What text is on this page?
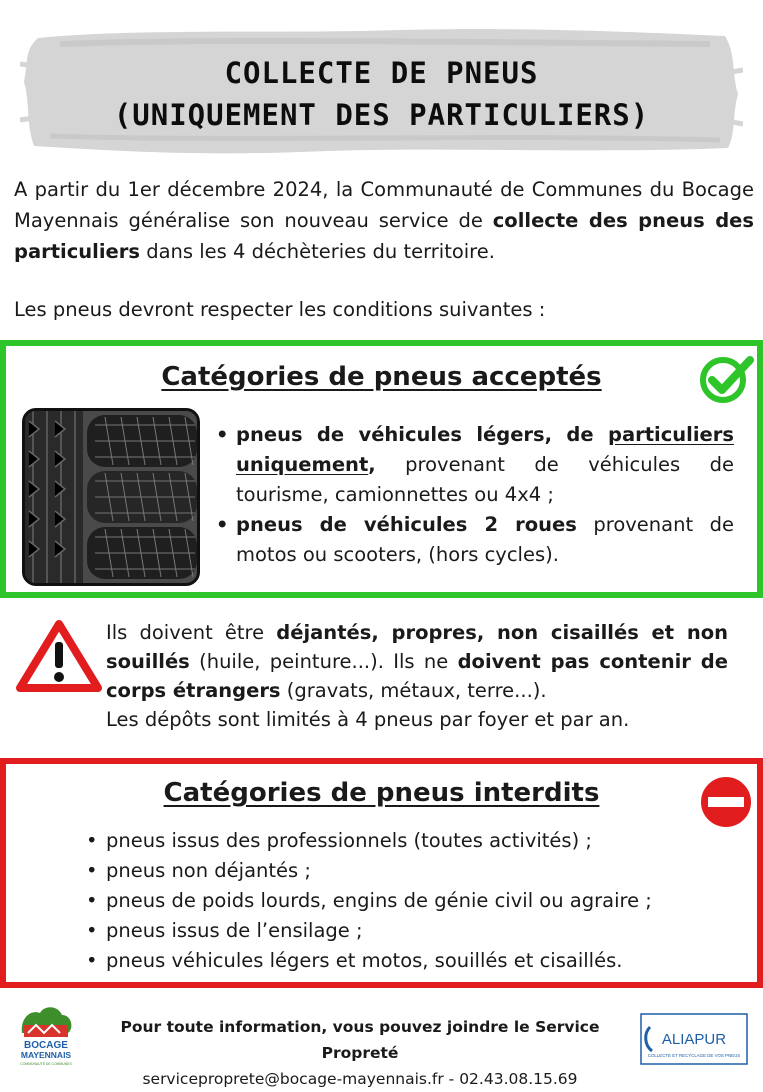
COLLECTE DE PNEUS
(UNIQUEMENT DES PARTICULIERS)
A partir du 1er décembre 2024, la Communauté de Communes du Bocage Mayennais généralise son nouveau service de collecte des pneus des particuliers dans les 4 déchèteries du territoire.
Les pneus devront respecter les conditions suivantes :
Catégories de pneus acceptés
• pneus de véhicules légers, de particuliers uniquement, provenant de véhicules de tourisme, camionnettes ou 4x4 ;
• pneus de véhicules 2 roues provenant de motos ou scooters, (hors cycles).
Ils doivent être déjantés, propres, non cisaillés et non souillés (huile, peinture...). Ils ne doivent pas contenir de corps étrangers (gravats, métaux, terre...).
Les dépôts sont limités à 4 pneus par foyer et par an.
Catégories de pneus interdits
• pneus issus des professionnels (toutes activités) ;
• pneus non déjantés ;
• pneus de poids lourds, engins de génie civil ou agraire ;
• pneus issus de l’ensilage ;
• pneus véhicules légers et motos, souillés et cisaillés.
BOCAGE
MAYENNAIS
COMMUNAUTÉ DE COMMUNES
Pour toute information, vous pouvez joindre le Service Propreté
serviceproprete@bocage-mayennais.fr - 02.43.08.15.69
ALIAPUR
COLLECTE ET RECYCLAGE DE VOS PNEUS
